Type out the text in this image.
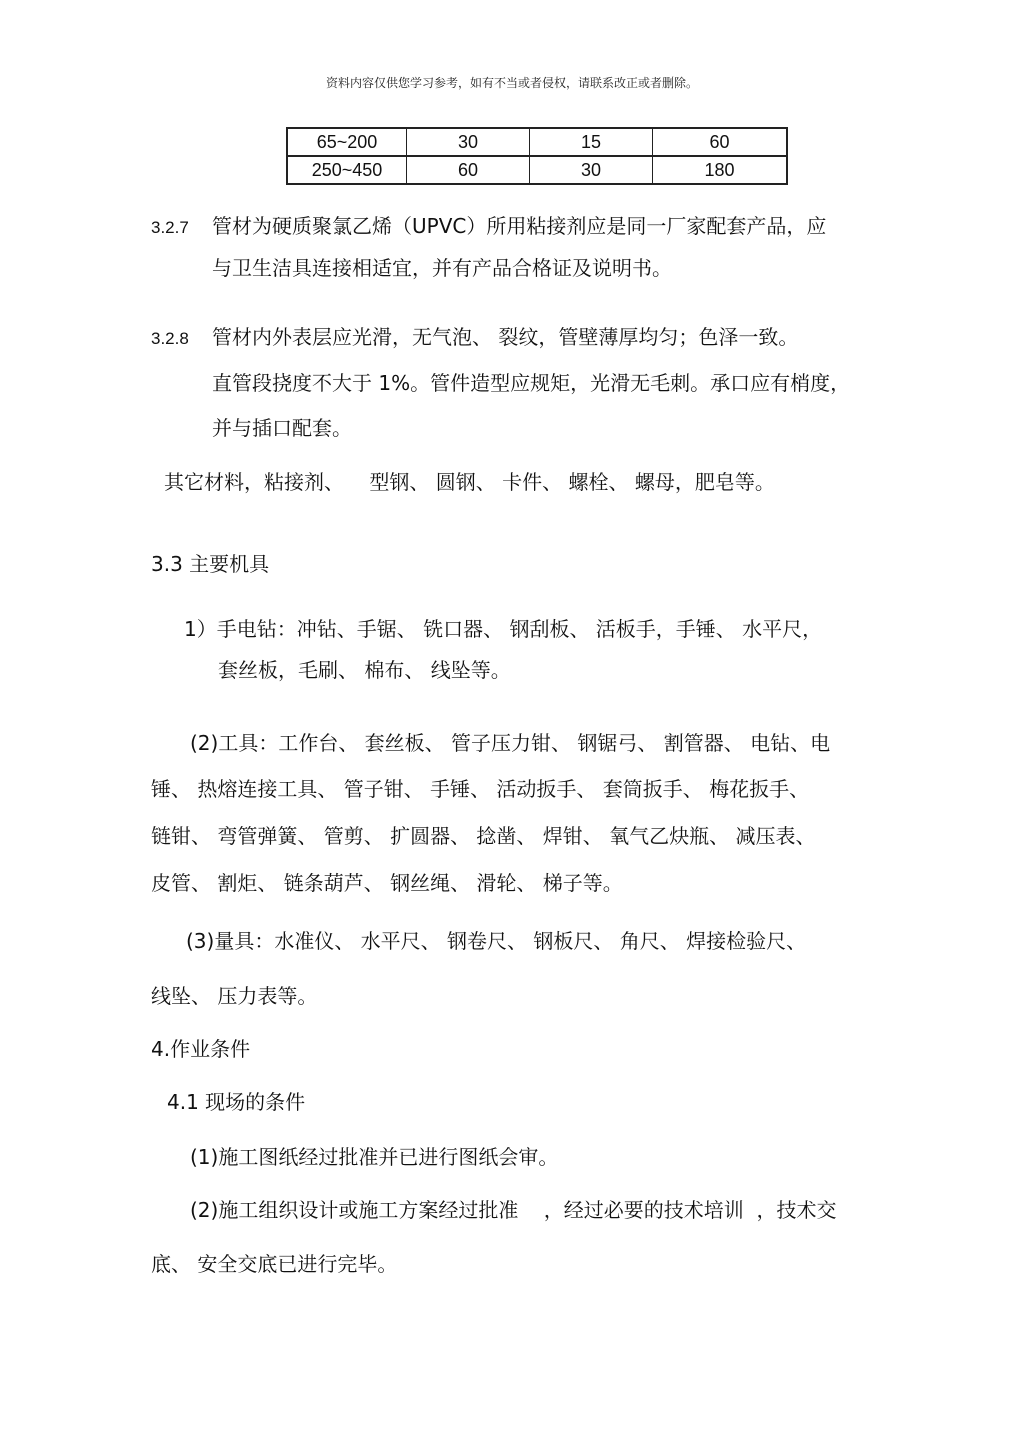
资料内容仅供您学习参考，如有不当或者侵权，请联系改正或者删除。
65~200	30	15	60
250~450	60	30	180
3.2.7 管材为硬质聚氯乙烯（UPVC）所用粘接剂应是同一厂家配套产品，应
与卫生洁具连接相适宜，并有产品合格证及说明书。
3.2.8 管材内外表层应光滑，无气泡、 裂纹，管壁薄厚均匀；色泽一致。
直管段挠度不大于 1%。管件造型应规矩，光滑无毛刺。承口应有梢度，
并与插口配套。
其它材料，粘接剂、    型钢、 圆钢、 卡件、 螺栓、 螺母，肥皂等。
3.3 主要机具
1）手电钻：冲钻、手锯、 铣口器、 钢刮板、 活板手，手锤、 水平尺，
套丝板，毛刷、 棉布、 线坠等。
(2)工具：工作台、 套丝板、 管子压力钳、 钢锯弓、 割管器、 电钻、电
锤、 热熔连接工具、 管子钳、 手锤、 活动扳手、 套筒扳手、 梅花扳手、
链钳、 弯管弹簧、 管剪、 扩圆器、 捻凿、 焊钳、 氧气乙炔瓶、 减压表、
皮管、 割炬、 链条葫芦、 钢丝绳、 滑轮、 梯子等。
(3)量具：水准仪、 水平尺、 钢卷尺、 钢板尺、 角尺、 焊接检验尺、
线坠、 压力表等。
4.作业条件
4.1 现场的条件
(1)施工图纸经过批准并已进行图纸会审。
(2)施工组织设计或施工方案经过批准    ，经过必要的技术培训  ，技术交
底、 安全交底已进行完毕。
